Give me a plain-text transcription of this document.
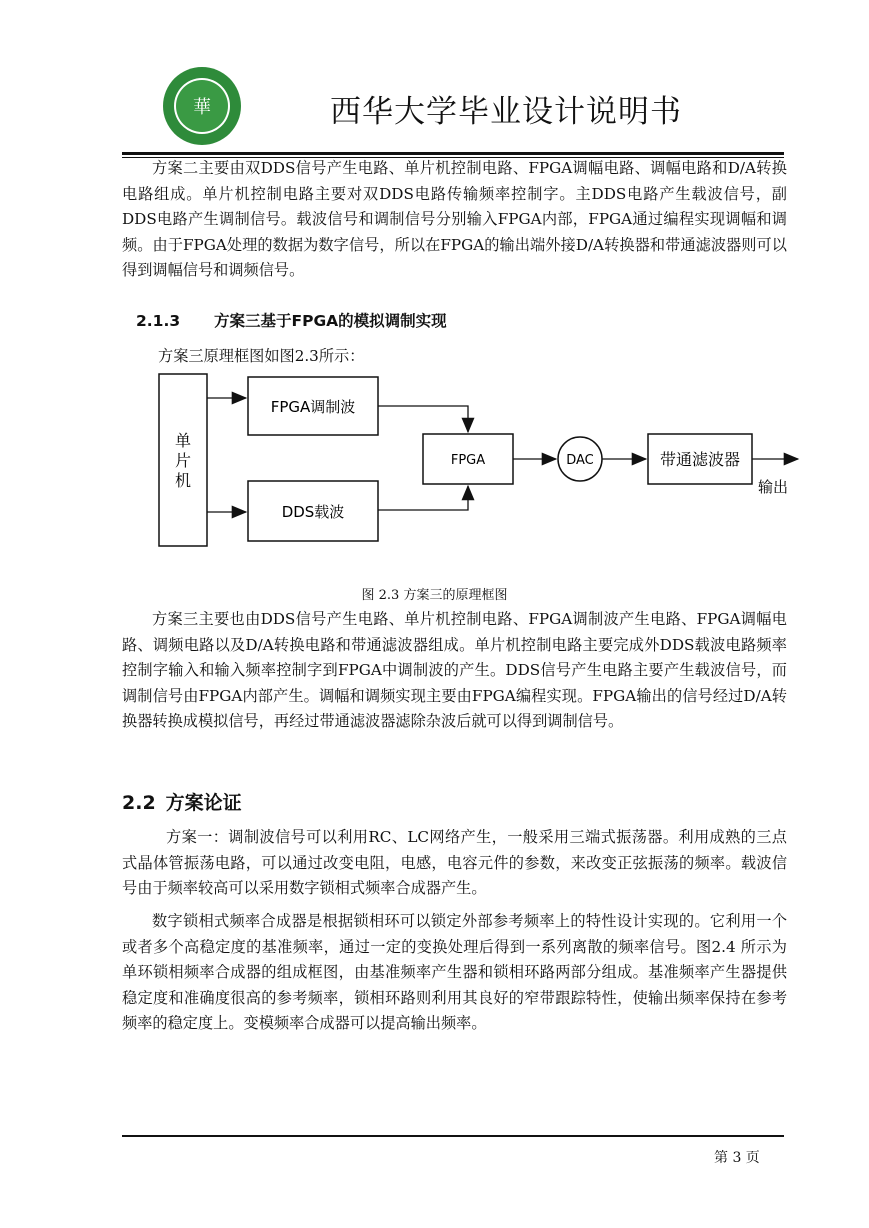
華	西华大学毕业设计说明书

方案二主要由双DDS信号产生电路、单片机控制电路、FPGA调幅电路、调幅电路和D/A转换电路组成。单片机控制电路主要对双DDS电路传输频率控制字。主DDS电路产生载波信号，副DDS电路产生调制信号。载波信号和调制信号分别输入FPGA内部，FPGA通过编程实现调幅和调频。由于FPGA处理的数据为数字信号，所以在FPGA的输出端外接D/A转换器和带通滤波器则可以得到调幅信号和调频信号。

2.1.3 方案三基于FPGA的模拟调制实现
方案三原理框图如图2.3所示：
单
片
机
FPGA调制波
DDS载波
FPGA	DAC	带通滤波器
输出
图 2.3 方案三的原理框图

方案三主要也由DDS信号产生电路、单片机控制电路、FPGA调制波产生电路、FPGA调幅电路、调频电路以及D/A转换电路和带通滤波器组成。单片机控制电路主要完成外DDS载波电路频率控制字输入和输入频率控制字到FPGA中调制波的产生。DDS信号产生电路主要产生载波信号，而调制信号由FPGA内部产生。调幅和调频实现主要由FPGA编程实现。FPGA输出的信号经过D/A转换器转换成模拟信号，再经过带通滤波器滤除杂波后就可以得到调制信号。

2.2 方案论证

方案一：调制波信号可以利用RC、LC网络产生，一般采用三端式振荡器。利用成熟的三点式晶体管振荡电路，可以通过改变电阻，电感，电容元件的参数，来改变正弦振荡的频率。载波信号由于频率较高可以采用数字锁相式频率合成器产生。

数字锁相式频率合成器是根据锁相环可以锁定外部参考频率上的特性设计实现的。它利用一个或者多个高稳定度的基准频率，通过一定的变换处理后得到一系列离散的频率信号。图2.4 所示为单环锁相频率合成器的组成框图，由基准频率产生器和锁相环路两部分组成。基准频率产生器提供稳定度和准确度很高的参考频率，锁相环路则利用其良好的窄带跟踪特性，使输出频率保持在参考频率的稳定度上。变模频率合成器可以提高输出频率。

第 3 页
